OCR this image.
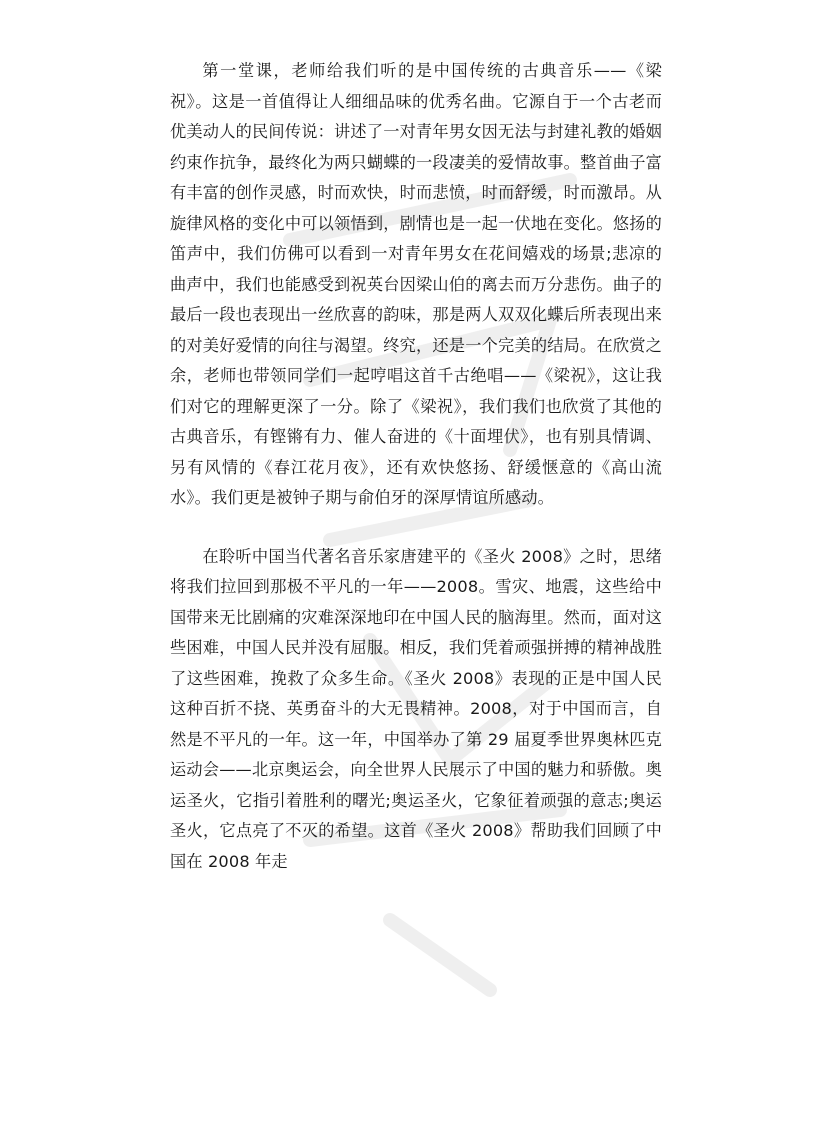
第一堂课，老师给我们听的是中国传统的古典音乐——《梁祝》。这是一首值得让人细细品味的优秀名曲。它源自于一个古老而优美动人的民间传说：讲述了一对青年男女因无法与封建礼教的婚姻约束作抗争，最终化为两只蝴蝶的一段凄美的爱情故事。整首曲子富有丰富的创作灵感，时而欢快，时而悲愤，时而舒缓，时而激昂。从旋律风格的变化中可以领悟到，剧情也是一起一伏地在变化。悠扬的笛声中，我们仿佛可以看到一对青年男女在花间嬉戏的场景;悲凉的曲声中，我们也能感受到祝英台因梁山伯的离去而万分悲伤。曲子的最后一段也表现出一丝欣喜的韵味，那是两人双双化蝶后所表现出来的对美好爱情的向往与渴望。终究，还是一个完美的结局。在欣赏之余，老师也带领同学们一起哼唱这首千古绝唱——《梁祝》，这让我们对它的理解更深了一分。除了《梁祝》，我们我们也欣赏了其他的古典音乐，有铿锵有力、催人奋进的《十面埋伏》，也有别具情调、另有风情的《春江花月夜》，还有欢快悠扬、舒缓惬意的《高山流水》。我们更是被钟子期与俞伯牙的深厚情谊所感动。

在聆听中国当代著名音乐家唐建平的《圣火 2008》之时，思绪将我们拉回到那极不平凡的一年——2008。雪灾、地震，这些给中国带来无比剧痛的灾难深深地印在中国人民的脑海里。然而，面对这些困难，中国人民并没有屈服。相反，我们凭着顽强拼搏的精神战胜了这些困难，挽救了众多生命。《圣火 2008》表现的正是中国人民这种百折不挠、英勇奋斗的大无畏精神。2008，对于中国而言，自然是不平凡的一年。这一年，中国举办了第 29 届夏季世界奥林匹克运动会——北京奥运会，向全世界人民展示了中国的魅力和骄傲。奥运圣火，它指引着胜利的曙光;奥运圣火，它象征着顽强的意志;奥运圣火，它点亮了不灭的希望。这首《圣火 2008》帮助我们回顾了中国在 2008 年走
